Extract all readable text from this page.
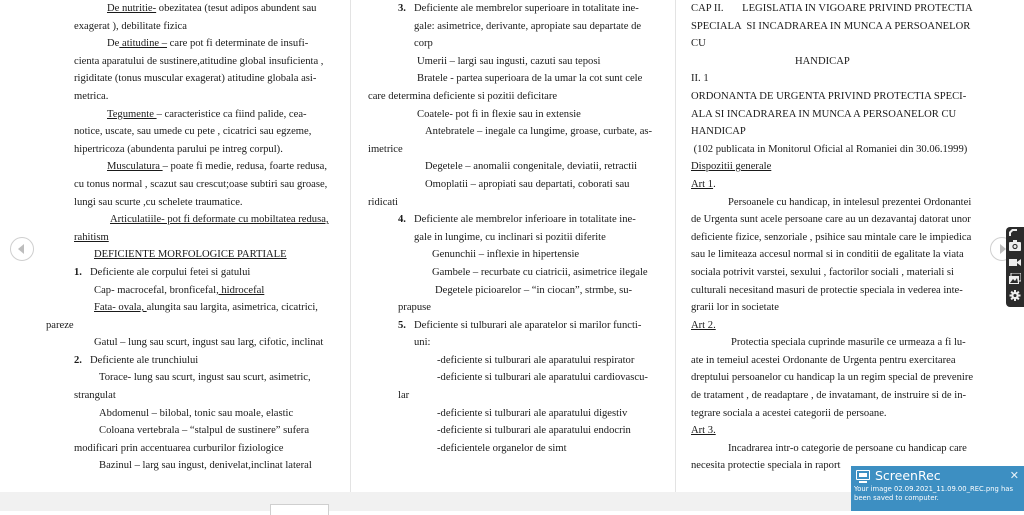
De nutritie- obezitatea (tesut adipos abundent sau
exagerat ), debilitate fizica
De atitudine – care pot fi determinate de insufi-
cienta aparatului de sustinere,atitudine global insuficienta ,
rigiditate (tonus muscular exagerat) atitudine globala asi-
metrica.
Tegumente – caracteristice ca fiind palide, cea-
notice, uscate, sau umede cu pete , cicatrici sau egzeme,
hipertricoza (abundenta parului pe intreg corpul).
Musculatura – poate fi medie, redusa, foarte redusa,
cu tonus normal , scazut sau crescut;oase subtiri sau groase,
lungi sau scurte ,cu schelete traumatice.
Articulatiile- pot fi deformate cu mobiltatea redusa,
rahitism
DEFICIENTE MORFOLOGICE PARTIALE
1. Deficiente ale corpului fetei si gatului
Cap- macrocefal, bronficefal, hidrocefal
Fata- ovala, alungita sau largita, asimetrica, cicatrici,
pareze
Gatul – lung sau scurt, ingust sau larg, cifotic, inclinat
2. Deficiente ale trunchiului
Torace- lung sau scurt, ingust sau scurt, asimetric,
strangulat
Abdomenul – bilobal, tonic sau moale, elastic
Coloana vertebrala – “stalpul de sustinere” sufera
modificari prin accentuarea curburilor fiziologice
Bazinul – larg sau ingust, denivelat,inclinat lateral
3. Deficiente ale membrelor superioare in totalitate ine-
gale: asimetrice, derivante, apropiate sau departate de
corp
Umerii – largi sau ingusti, cazuti sau teposi
Bratele - partea superioara de la umar la cot sunt cele
care determina deficiente si pozitii deficitare
Coatele- pot fi in flexie sau in extensie
Antebratele – inegale ca lungime, groase, curbate, as-
imetrice
Degetele – anomalii congenitale, deviatii, retractii
Omoplatii – apropiati sau departati, coborati sau
ridicati
4. Deficiente ale membrelor inferioare in totalitate ine-
gale in lungime, cu inclinari si pozitii diferite
Genunchii – inflexie in hipertensie
Gambele – recurbate cu ciatricii, asimetrice ilegale
Degetele picioarelor – “in ciocan”, strmbe, su-
prapuse
5. Deficiente si tulburari ale aparatelor si marilor functi-
uni:
-deficiente si tulburari ale aparatului respirator
-deficiente si tulburari ale aparatului cardiovascu-
lar
-deficiente si tulburari ale aparatului digestiv
-deficiente si tulburari ale aparatului endocrin
-deficientele organelor de simt
CAP II.       LEGISLATIA IN VIGOARE PRIVIND PROTECTIA
SPECIALA  SI INCADRAREA IN MUNCA A PERSOANELOR
CU
HANDICAP
II. 1
ORDONANTA DE URGENTA PRIVIND PROTECTIA SPECI-
ALA SI INCADRAREA IN MUNCA A PERSOANELOR CU
HANDICAP
(102 publicata in Monitorul Oficial al Romaniei din 30.06.1999)
Dispozitii generale
Art 1.
Persoanele cu handicap, in intelesul prezentei Ordonantei
de Urgenta sunt acele persoane care au un dezavantaj datorat unor
deficiente fizice, senzoriale , psihice sau mintale care le impiedica
sau le limiteaza accesul normal si in conditii de egalitate la viata
sociala potrivit varstei, sexului , factorilor sociali , materiali si
culturali necesitand masuri de protectie speciala in vederea inte-
grarii lor in societate
Art 2.
Protectia speciala cuprinde masurile ce urmeaza a fi lu-
ate in temeiul acestei Ordonante de Urgenta pentru exercitarea
dreptului persoanelor cu handicap la un regim special de prevenire
de tratament , de readaptare , de invatamant, de instruire si de in-
tegrare sociala a acestei categorii de persoane.
Art 3.
Incadrarea intr-o categorie de persoane cu handicap care
necesita protectie speciala in raport
ScreenRec	✕
Your image 02.09.2021_11.09.00_REC.png has been saved to computer.
